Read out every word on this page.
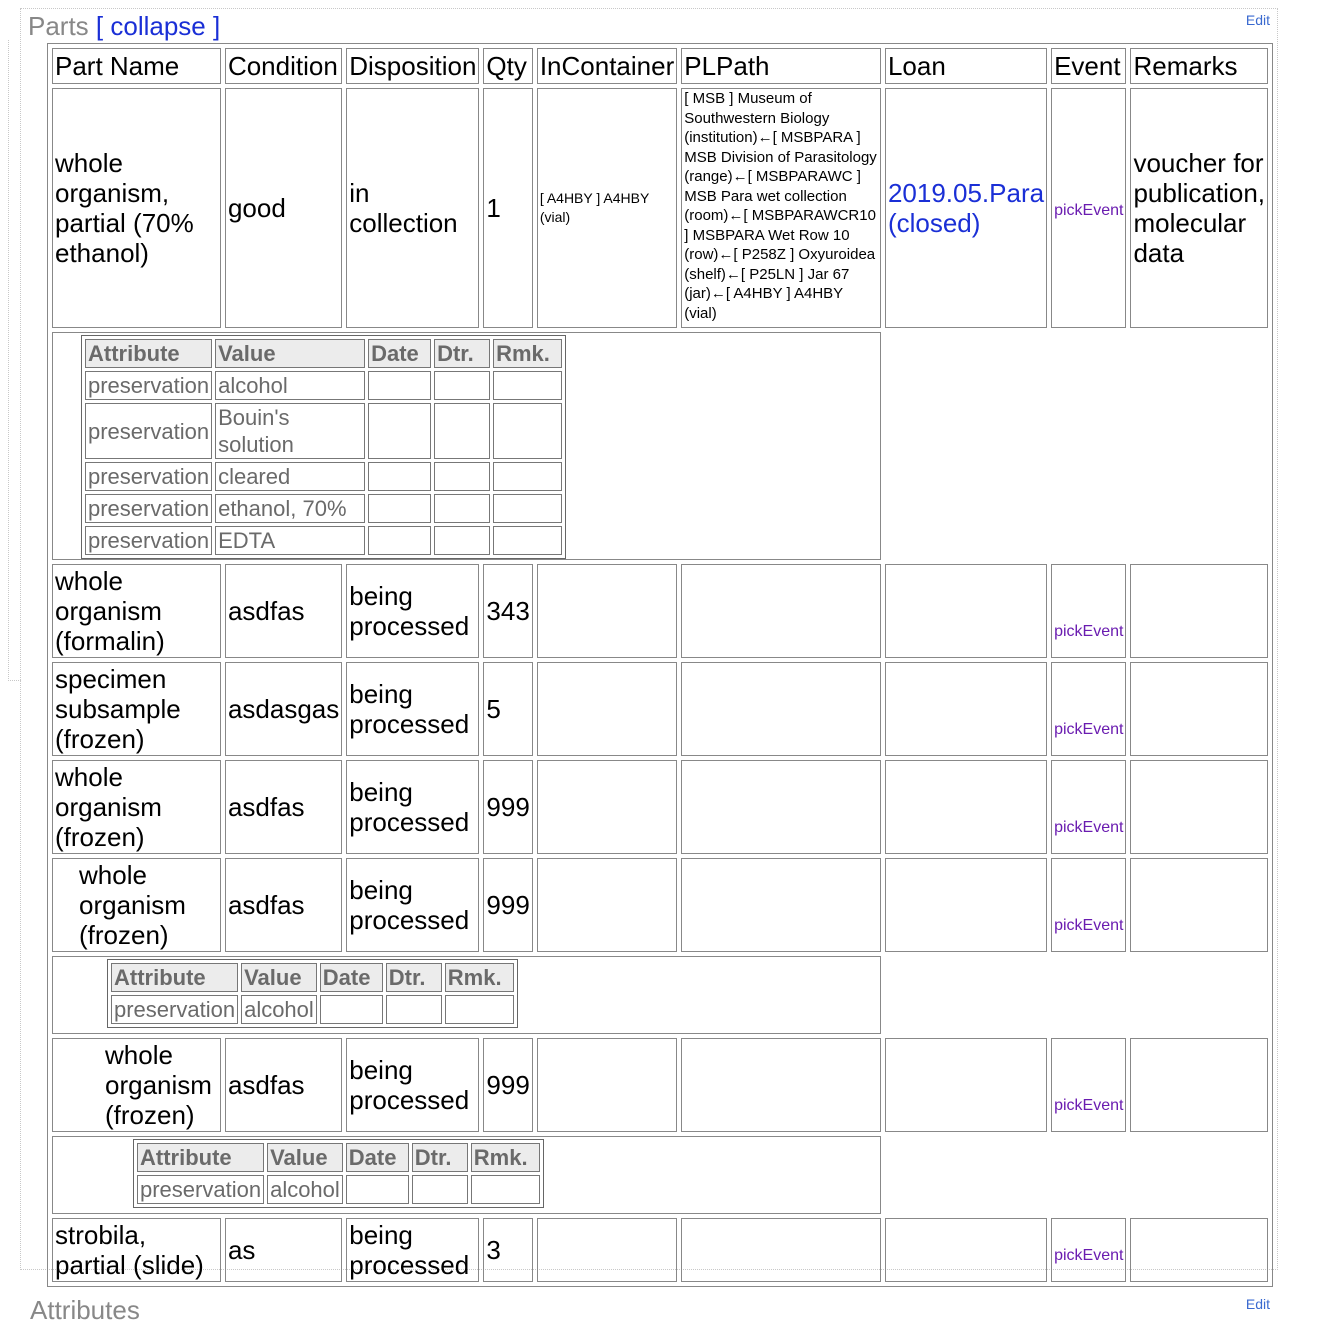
Parts [ collapse ]	Edit
Part Name	Condition	Disposition	Qty	InContainer	PLPath	Loan	Event	Remarks
whole organism, partial (70% ethanol)	good	in collection	1	[ A4HBY ] A4HBY (vial)	[ MSB ] Museum of Southwestern Biology (institution)←[ MSBPARA ] MSB Division of Parasitology (range)←[ MSBPARAWC ] MSB Para wet collection (room)←[ MSBPARAWCR10 ] MSBPARA Wet Row 10 (row)←[ P258Z ] Oxyuroidea (shelf)←[ P25LN ] Jar 67 (jar)←[ A4HBY ] A4HBY (vial)	2019.05.Para (closed)	pickEvent	voucher for publication, molecular data

Attribute	Value	Date	Dtr.	Rmk.
preservation	alcohol			
preservation	Bouin's solution			
preservation	cleared			
preservation	ethanol, 70%			
preservation	EDTA			

whole organism (formalin)	asdfas	being processed	343				pickEvent	
specimen subsample (frozen)	asdasgas	being processed	5				pickEvent	
whole organism (frozen)	asdfas	being processed	999				pickEvent	
whole organism (frozen)	asdfas	being processed	999				pickEvent	

Attribute	Value	Date	Dtr.	Rmk.
preservation	alcohol			

whole organism (frozen)	asdfas	being processed	999				pickEvent	

Attribute	Value	Date	Dtr.	Rmk.
preservation	alcohol			

strobila, partial (slide)	as	being processed	3				pickEvent	
Attributes	Edit
